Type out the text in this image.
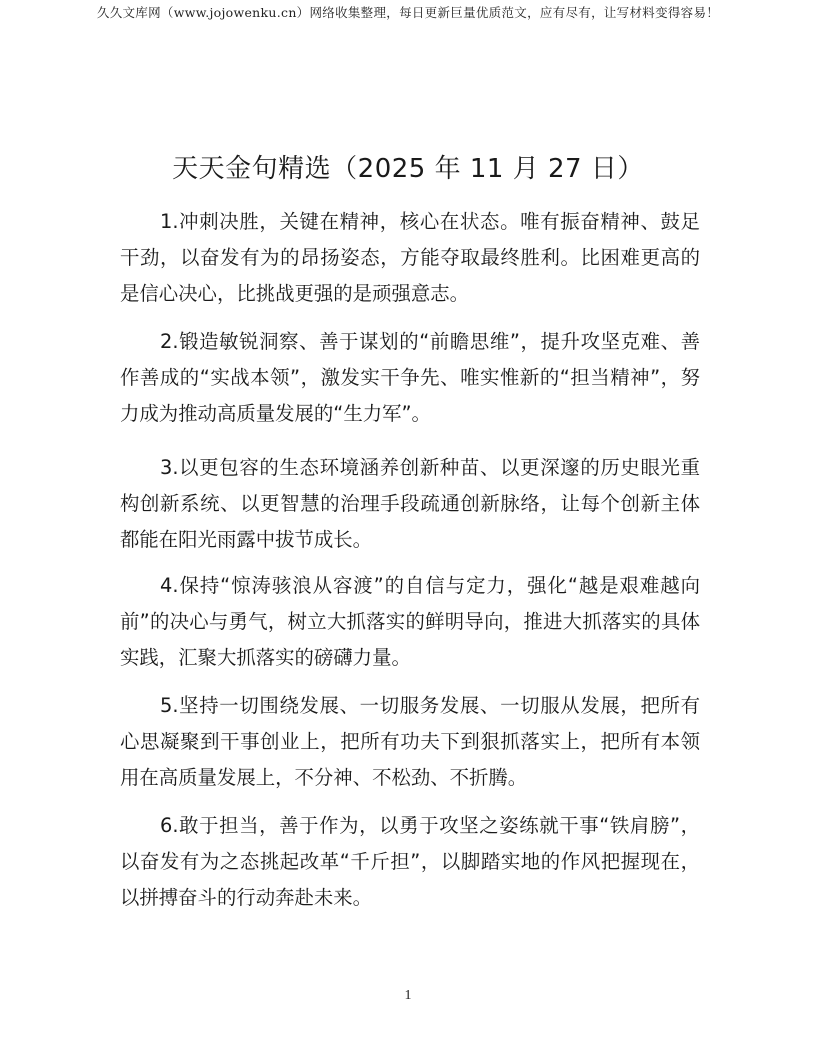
久久文库网（www.jojowenku.cn）网络收集整理，每日更新巨量优质范文，应有尽有，让写材料变得容易！
天天金句精选（2025 年 11 月 27 日）

1.冲刺决胜，关键在精神，核心在状态。唯有振奋精神、鼓足干劲，以奋发有为的昂扬姿态，方能夺取最终胜利。比困难更高的是信心决心，比挑战更强的是顽强意志。

2.锻造敏锐洞察、善于谋划的“前瞻思维”，提升攻坚克难、善作善成的“实战本领”，激发实干争先、唯实惟新的“担当精神”，努力成为推动高质量发展的“生力军”。

3.以更包容的生态环境涵养创新种苗、以更深邃的历史眼光重构创新系统、以更智慧的治理手段疏通创新脉络，让每个创新主体都能在阳光雨露中拔节成长。

4.保持“惊涛骇浪从容渡”的自信与定力，强化“越是艰难越向前”的决心与勇气，树立大抓落实的鲜明导向，推进大抓落实的具体实践，汇聚大抓落实的磅礴力量。

5.坚持一切围绕发展、一切服务发展、一切服从发展，把所有心思凝聚到干事创业上，把所有功夫下到狠抓落实上，把所有本领用在高质量发展上，不分神、不松劲、不折腾。

6.敢于担当，善于作为，以勇于攻坚之姿练就干事“铁肩膀”，以奋发有为之态挑起改革“千斤担”，以脚踏实地的作风把握现在，以拼搏奋斗的行动奔赴未来。

1
